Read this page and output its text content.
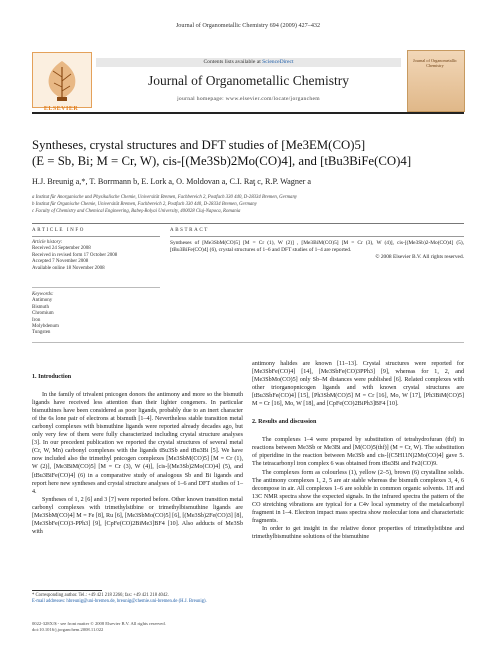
Journal of Organometallic Chemistry 694 (2009) 427–432
ELSEVIER
Contents lists available at ScienceDirect
Journal of Organometallic Chemistry
journal homepage: www.elsevier.com/locate/jorganchem
Journal of Organometallic Chemistry
Syntheses, crystal structures and DFT studies of [Me3EM(CO)5]
(E = Sb, Bi; M = Cr, W), cis-[(Me3Sb)2Mo(CO)4], and [tBu3BiFe(CO)4]
H.J. Breunig a,*, T. Borrmann b, E. Lork a, O. Moldovan a, C.I. Raţ c, R.P. Wagner a
a Institut für Anorganische und Physikalische Chemie, Universität Bremen, Fachbereich 2, Postfach 330 440, D-28334 Bremen, Germany
b Institut für Organische Chemie, Universität Bremen, Fachbereich 2, Postfach 330 440, D-28334 Bremen, Germany
c Faculty of Chemistry and Chemical Engineering, Babeş-Bolyai University, 400028 Cluj-Napoca, Romania
ARTICLE INFO	ABSTRACT
Article history:
Received 24 September 2008
Received in revised form 17 October 2008
Accepted 7 November 2008
Available online 18 November 2008
Keywords:
Antimony
Bismuth
Chromium
Iron
Molybdenum
Tungsten
Syntheses of [Me3SbM(CO)5] [M = Cr (1), W (2)] , [Me3BiM(CO)5] [M = Cr (3), W (4)], cis-[(Me3Sb)2-Mo(CO)4] (5), [tBu3BiFe(CO)4] (6), crystal structures of 1–6 and DFT studies of 1–4 are reported.
© 2008 Elsevier B.V. All rights reserved.
1. Introduction

In the family of trivalent pnicogen donors the antimony and more so the bismuth ligands have received less attention than their lighter congeners. In particular bismuthines have been considered as poor ligands, probably due to an inert character of the 6s lone pair of electrons at bismuth [1–4]. Nevertheless stable transition metal carbonyl complexes with bismuthine ligands were reported already decades ago, but only very few of them were fully characterized including crystal structure analyses [3]. In our precedent publication we reported the crystal structures of several metal (Cr, W, Mn) carbonyl complexes with the ligands tBu3Sb and tBu3Bi [5]. We have now included also the trimethyl pnicogen complexes [Me3SbM(CO)5] [M = Cr (1), W (2)], [Me3BiM(CO)5] [M = Cr (3), W (4)], [cis-[(Me3Sb)2Mo(CO)4] (5), and [tBu3BiFe(CO)4] (6) in a comparative study of analogous Sb and Bi ligands and report here new syntheses and crystal structure analyses of 1–6 and DFT studies of 1–4.

Syntheses of 1, 2 [6] and 3 [7] were reported before. Other known transition metal carbonyl complexes with trimethylstibine or trimethylbismuthine ligands are [Me3SbM(CO)4] M = Fe [8], Ru [6], [Me3SbMo(CO)5] [6], [(Me3Sb)2Fe(CO)3] [8], [Me3SbFe(CO)3-PPh3] [9], [CpFe(CO)2BiMe3]BF4 [10]. Also adducts of Me3Sb with

antimony halides are known [11–13]. Crystal structures were reported for [Me3SbFe(CO)4] [14], [Me3SbFe(CO)3PPh3] [9], whereas for 1, 2, and [Me3SbMo(CO)5] only Sb–M distances were published [6]. Related complexes with other triorganopnicogen ligands and with known crystal structures are [tBu3SbFe(CO)4] [15], [Ph3SbM(CO)5] M = Cr [16], Mo, W [17], [Ph3BiM(CO)5] M = Cr [16], Mo, W [18], and [CpFe(CO)2BiPh3]BF4 [10].

2. Results and discussion

The complexes 1–4 were prepared by substitution of tetrahydrofuran (thf) in reactions between Me3Sb or Me3Bi and [M(CO)5(thf)] (M = Cr, W). The substitution of piperidine in the reaction between Me3Sb and cis-[(C5H11N)2Mo(CO)4] gave 5. The tetracarbonyl iron complex 6 was obtained from tBu3Bi and Fe2(CO)9.

The complexes form as colourless (1), yellow (2–5), brown (6) crystalline solids. The antimony complexes 1, 2, 5 are air stable whereas the bismuth complexes 3, 4, 6 decompose in air. All complexes 1–6 are soluble in common organic solvents. 1H and 13C NMR spectra show the expected signals. In the infrared spectra the pattern of the CO stretching vibrations are typical for a C4v local symmetry of the metalcarbonyl fragment in 1–4. Electron impact mass spectra show molecular ions and characteristic fragments.

In order to get insight in the relative donor properties of trimethylstibine and trimethylbismuthine solutions of the bismuthine

* Corresponding author. Tel.: +49 421 218 2266; fax: +49 421 218 4042.
E-mail addresses: hbreunig@uni-bremen.de, breunig@chemie.uni-bremen.de (H.J. Breunig).
0022-328X/$ - see front matter © 2008 Elsevier B.V. All rights reserved.
doi:10.1016/j.jorganchem.2008.11.022
